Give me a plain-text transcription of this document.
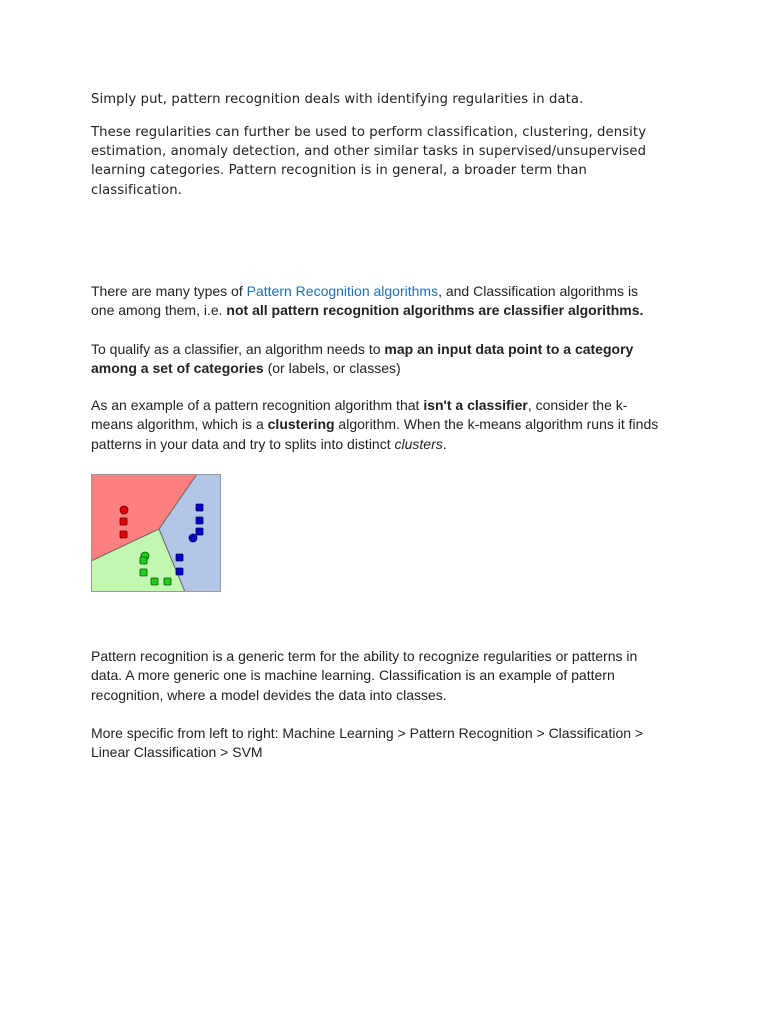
Simply put, pattern recognition deals with identifying regularities in data.

These regularities can further be used to perform classification, clustering, density
estimation, anomaly detection, and other similar tasks in supervised/unsupervised
learning categories. Pattern recognition is in general, a broader term than
classification.

There are many types of Pattern Recognition algorithms, and Classification algorithms is
one among them, i.e. not all pattern recognition algorithms are classifier algorithms.

To qualify as a classifier, an algorithm needs to map an input data point to a category
among a set of categories (or labels, or classes)

As an example of a pattern recognition algorithm that isn't a classifier, consider the k-
means algorithm, which is a clustering algorithm. When the k-means algorithm runs it finds
patterns in your data and try to splits into distinct clusters.

Pattern recognition is a generic term for the ability to recognize regularities or patterns in
data. A more generic one is machine learning. Classification is an example of pattern
recognition, where a model devides the data into classes.

More specific from left to right: Machine Learning > Pattern Recognition > Classification >
Linear Classification > SVM
